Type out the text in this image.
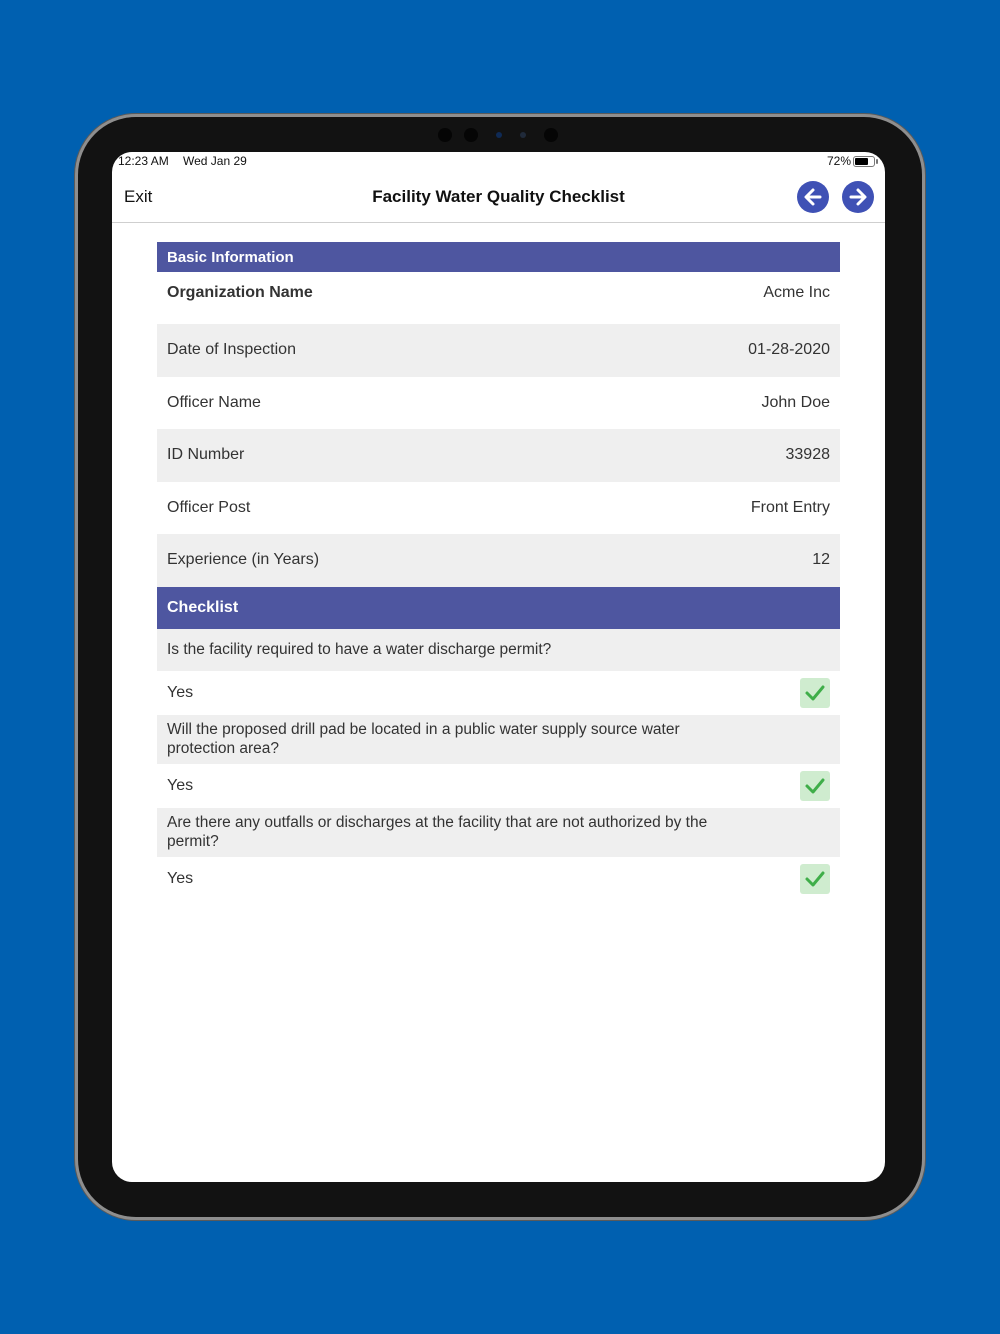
12:23 AM Wed Jan 29	72%
Exit	Facility Water Quality Checklist
Basic Information
Organization Name	Acme Inc
Date of Inspection	01-28-2020
Officer Name	John Doe
ID Number	33928
Officer Post	Front Entry
Experience (in Years)	12
Checklist
Is the facility required to have a water discharge permit?
Yes
Will the proposed drill pad be located in a public water supply source water protection area?
Yes
Are there any outfalls or discharges at the facility that are not authorized by the permit?
Yes
